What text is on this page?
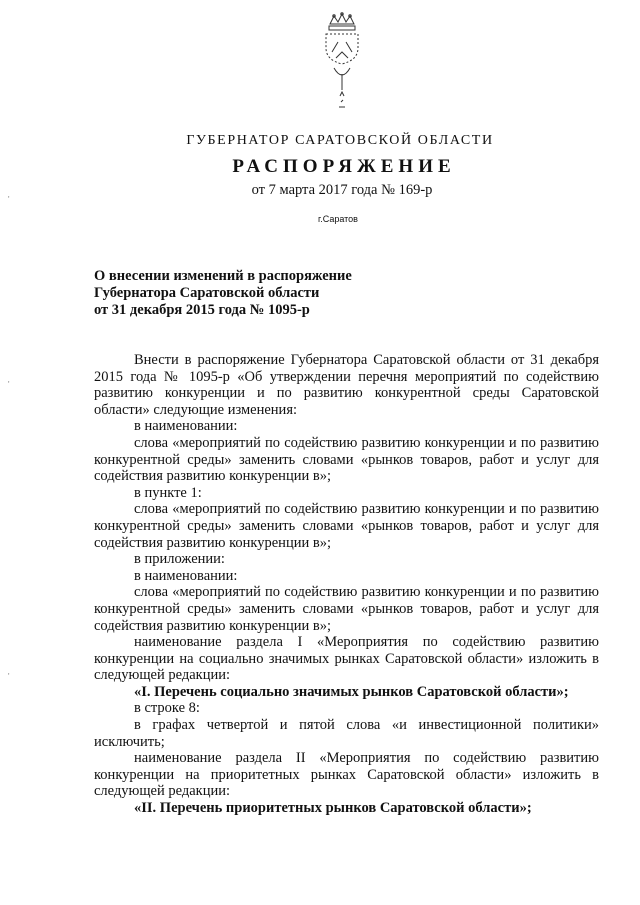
ГУБЕРНАТОР САРАТОВСКОЙ ОБЛАСТИ
РАСПОРЯЖЕНИЕ
от 7 марта 2017 года № 169-р
г.Саратов
О внесении изменений в распоряжение
Губернатора Саратовской области
от 31 декабря 2015 года № 1095-р

Внести в распоряжение Губернатора Саратовской области от 31 декабря 2015 года № 1095-р «Об утверждении перечня мероприятий по содействию развитию конкуренции и по развитию конкурентной среды Саратовской области» следующие изменения:

в наименовании:

слова «мероприятий по содействию развитию конкуренции и по развитию конкурентной среды» заменить словами «рынков товаров, работ и услуг для содействия развитию конкуренции в»;

в пункте 1:

слова «мероприятий по содействию развитию конкуренции и по развитию конкурентной среды» заменить словами «рынков товаров, работ и услуг для содействия развитию конкуренции в»;

в приложении:

в наименовании:

слова «мероприятий по содействию развитию конкуренции и по развитию конкурентной среды» заменить словами «рынков товаров, работ и услуг для содействия развитию конкуренции в»;

наименование раздела I «Мероприятия по содействию развитию конкуренции на социально значимых рынках Саратовской области» изложить в следующей редакции:

«I. Перечень социально значимых рынков Саратовской области»;

в строке 8:

в графах четвертой и пятой слова «и инвестиционной политики» исключить;

наименование раздела II «Мероприятия по содействию развитию конкуренции на приоритетных рынках Саратовской области» изложить в следующей редакции:

«II. Перечень приоритетных рынков Саратовской области»;

'
'
'
